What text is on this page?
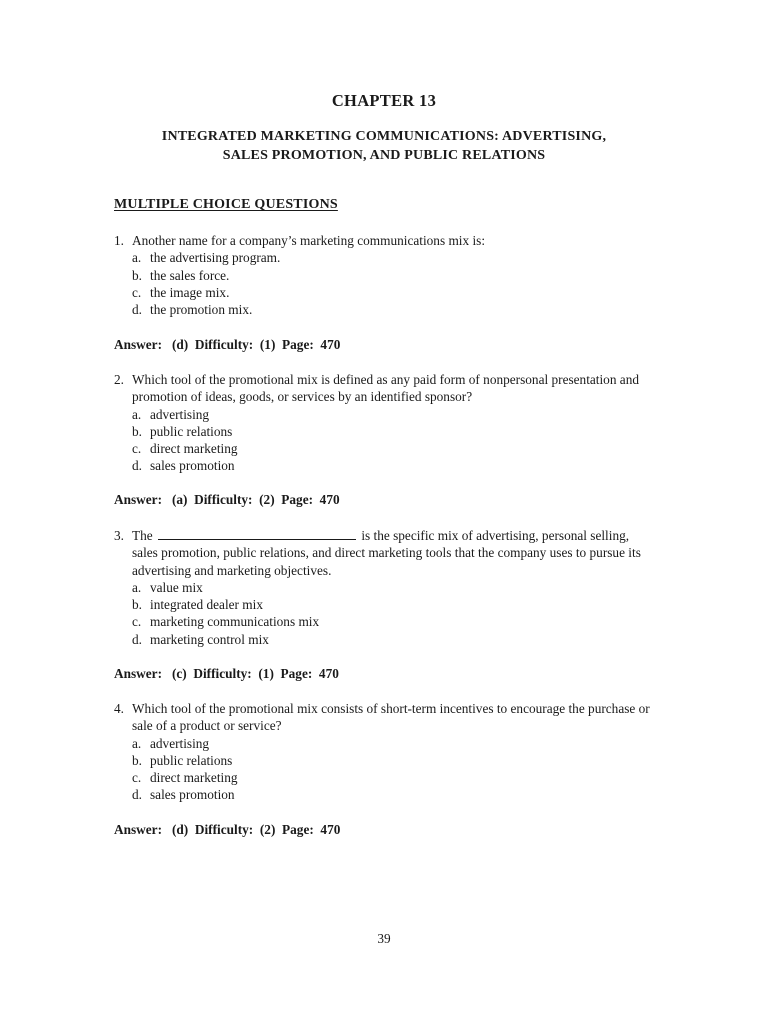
CHAPTER 13
INTEGRATED MARKETING COMMUNICATIONS: ADVERTISING,
SALES PROMOTION, AND PUBLIC RELATIONS
MULTIPLE CHOICE QUESTIONS
1. Another name for a company’s marketing communications mix is:
a. the advertising program.
b. the sales force.
c. the image mix.
d. the promotion mix.
Answer:   (d)  Difficulty:  (1)  Page:  470
2. Which tool of the promotional mix is defined as any paid form of nonpersonal presentation and promotion of ideas, goods, or services by an identified sponsor?
a. advertising
b. public relations
c. direct marketing
d. sales promotion
Answer:   (a)  Difficulty:  (2)  Page:  470
3. The	is the specific mix of advertising, personal selling, sales promotion, public relations, and direct marketing tools that the company uses to pursue its advertising and marketing objectives.
a. value mix
b. integrated dealer mix
c. marketing communications mix
d. marketing control mix
Answer:   (c)  Difficulty:  (1)  Page:  470
4. Which tool of the promotional mix consists of short-term incentives to encourage the purchase or sale of a product or service?
a. advertising
b. public relations
c. direct marketing
d. sales promotion
Answer:   (d)  Difficulty:  (2)  Page:  470
39
